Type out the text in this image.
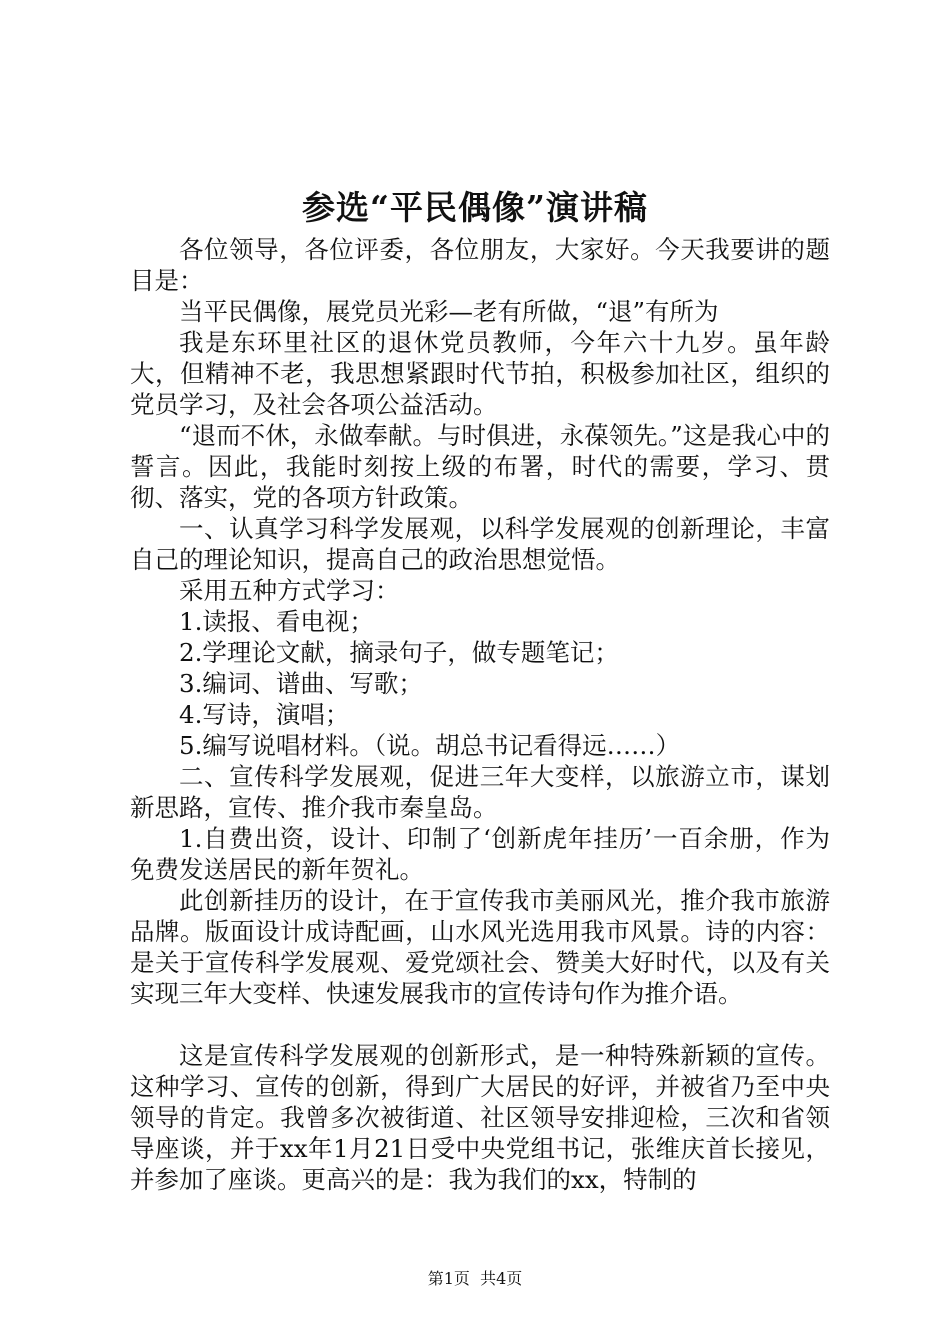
参选“平民偶像”演讲稿

各位领导，各位评委，各位朋友，大家好。今天我要讲的题目是：

当平民偶像，展党员光彩—老有所做，“退”有所为

我是东环里社区的退休党员教师，今年六十九岁。虽年龄大，但精神不老，我思想紧跟时代节拍，积极参加社区，组织的党员学习，及社会各项公益活动。

“退而不休，永做奉献。与时俱进，永葆领先。”这是我心中的誓言。因此，我能时刻按上级的布署，时代的需要，学习、贯彻、落实，党的各项方针政策。

一、认真学习科学发展观，以科学发展观的创新理论，丰富自己的理论知识，提高自己的政治思想觉悟。

采用五种方式学习：

1.读报、看电视；

2.学理论文献，摘录句子，做专题笔记；

3.编词、谱曲、写歌；

4.写诗，演唱；

5.编写说唱材料。（说。胡总书记看得远……）

二、宣传科学发展观，促进三年大变样，以旅游立市，谋划新思路，宣传、推介我市秦皇岛。

1.自费出资，设计、印制了‘创新虎年挂历’一百余册，作为免费发送居民的新年贺礼。

此创新挂历的设计，在于宣传我市美丽风光，推介我市旅游品牌。版面设计成诗配画，山水风光选用我市风景。诗的内容：是关于宣传科学发展观、爱党颂社会、赞美大好时代，以及有关实现三年大变样、快速发展我市的宣传诗句作为推介语。

这是宣传科学发展观的创新形式，是一种特殊新颖的宣传。这种学习、宣传的创新，得到广大居民的好评，并被省乃至中央领导的肯定。我曾多次被街道、社区领导安排迎检，三次和省领导座谈，并于xx年1月21日受中央党组书记，张维庆首长接见，并参加了座谈。更高兴的是：我为我们的xx，特制的

第1页 共4页
